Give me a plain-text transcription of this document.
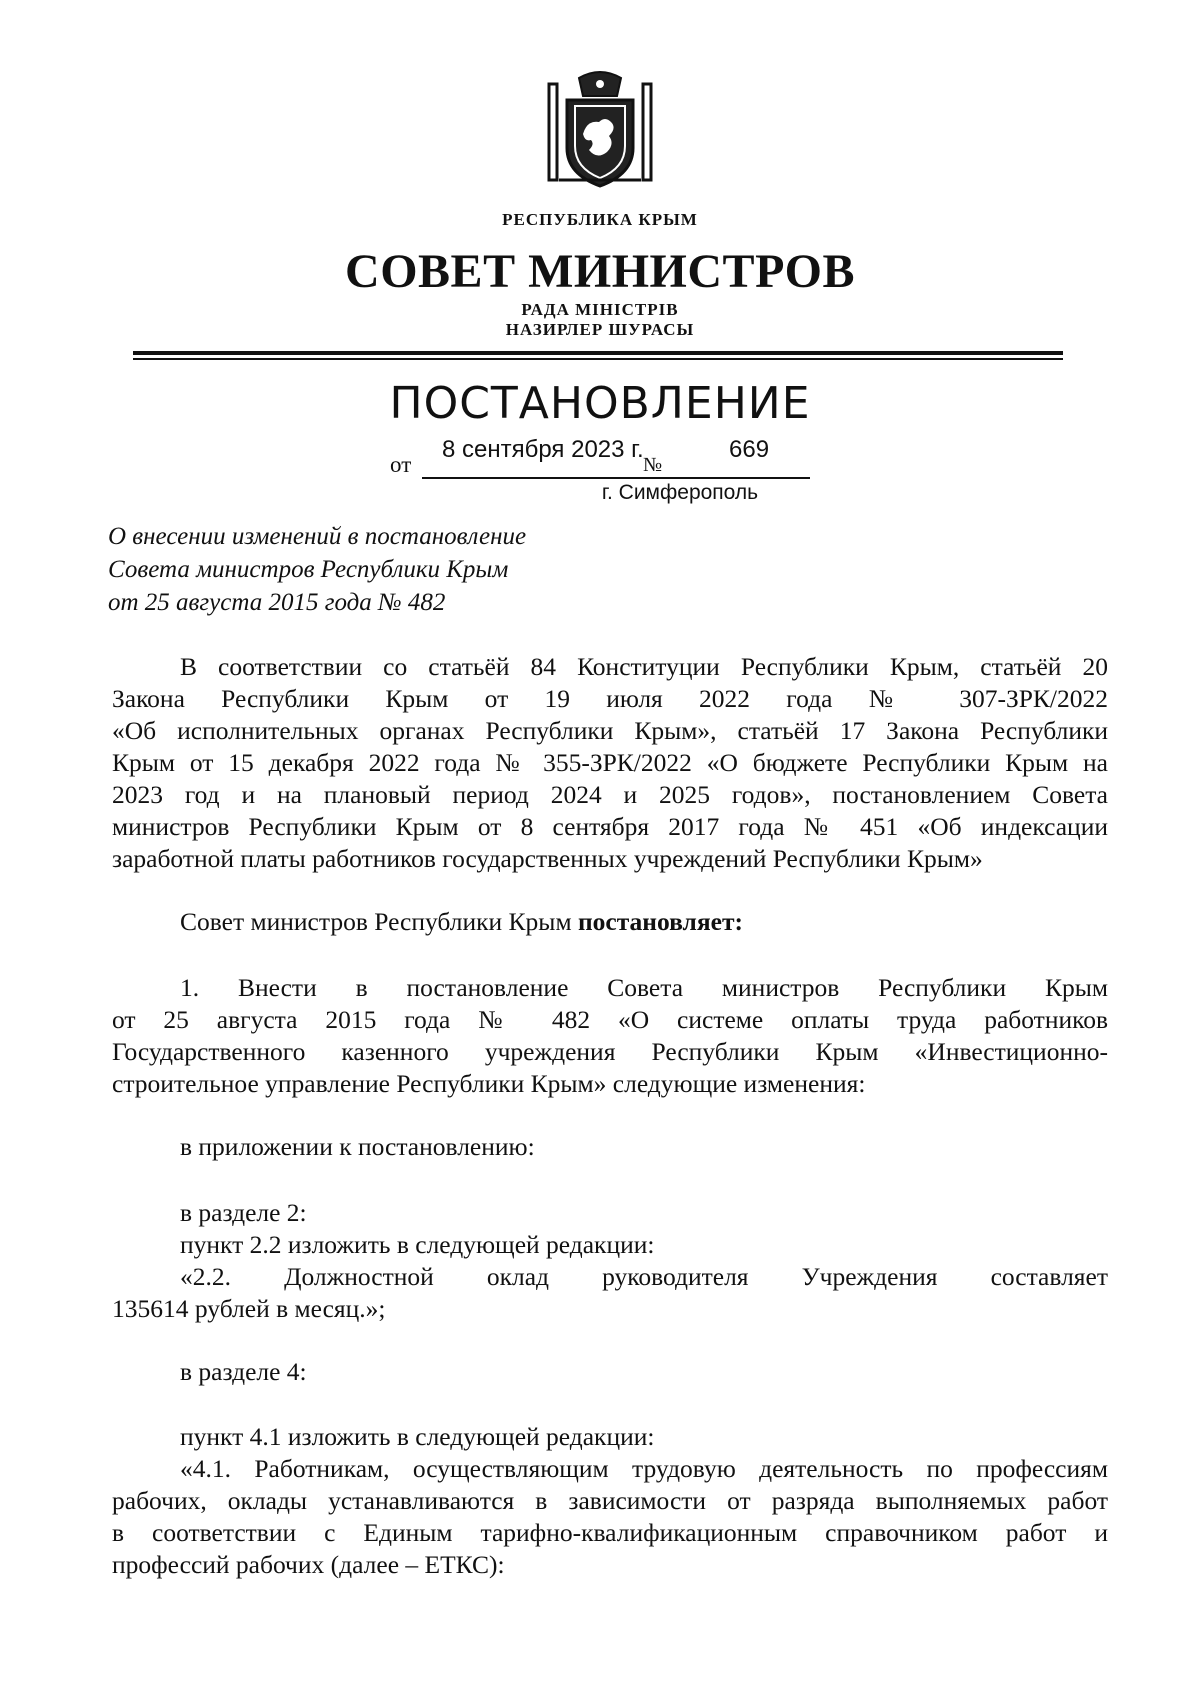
РЕСПУБЛИКА КРЫМ
СОВЕТ МИНИСТРОВ
РАДА МІНІСТРІВ
НАЗИРЛЕР ШУРАСЫ
ПОСТАНОВЛЕНИЕ
от
8 сентября 2023 г.
№
669
г. Симферополь
О внесении изменений в постановление
Совета министров Республики Крым
от 25 августа 2015 года № 482
В соответствии со статьёй 84 Конституции Республики Крым, статьёй 20
Закона Республики Крым от 19 июля 2022 года № 307-ЗРК/2022
«Об исполнительных органах Республики Крым», статьёй 17 Закона Республики
Крым от 15 декабря 2022 года № 355-ЗРК/2022 «О бюджете Республики Крым на
2023 год и на плановый период 2024 и 2025 годов», постановлением Совета
министров Республики Крым от 8 сентября 2017 года № 451 «Об индексации
заработной платы работников государственных учреждений Республики Крым»
Совет министров Республики Крым постановляет:
1. Внести в постановление Совета министров Республики Крым
от 25 августа 2015 года № 482 «О системе оплаты труда работников
Государственного казенного учреждения Республики Крым «Инвестиционно-
строительное управление Республики Крым» следующие изменения:
в приложении к постановлению:
в разделе 2:
пункт 2.2 изложить в следующей редакции:
«2.2. Должностной оклад руководителя Учреждения составляет
135614 рублей в месяц.»;
в разделе 4:
пункт 4.1 изложить в следующей редакции:
«4.1. Работникам, осуществляющим трудовую деятельность по профессиям
рабочих, оклады устанавливаются в зависимости от разряда выполняемых работ
в соответствии с Единым тарифно-квалификационным справочником работ и
профессий рабочих (далее – ЕТКС):
